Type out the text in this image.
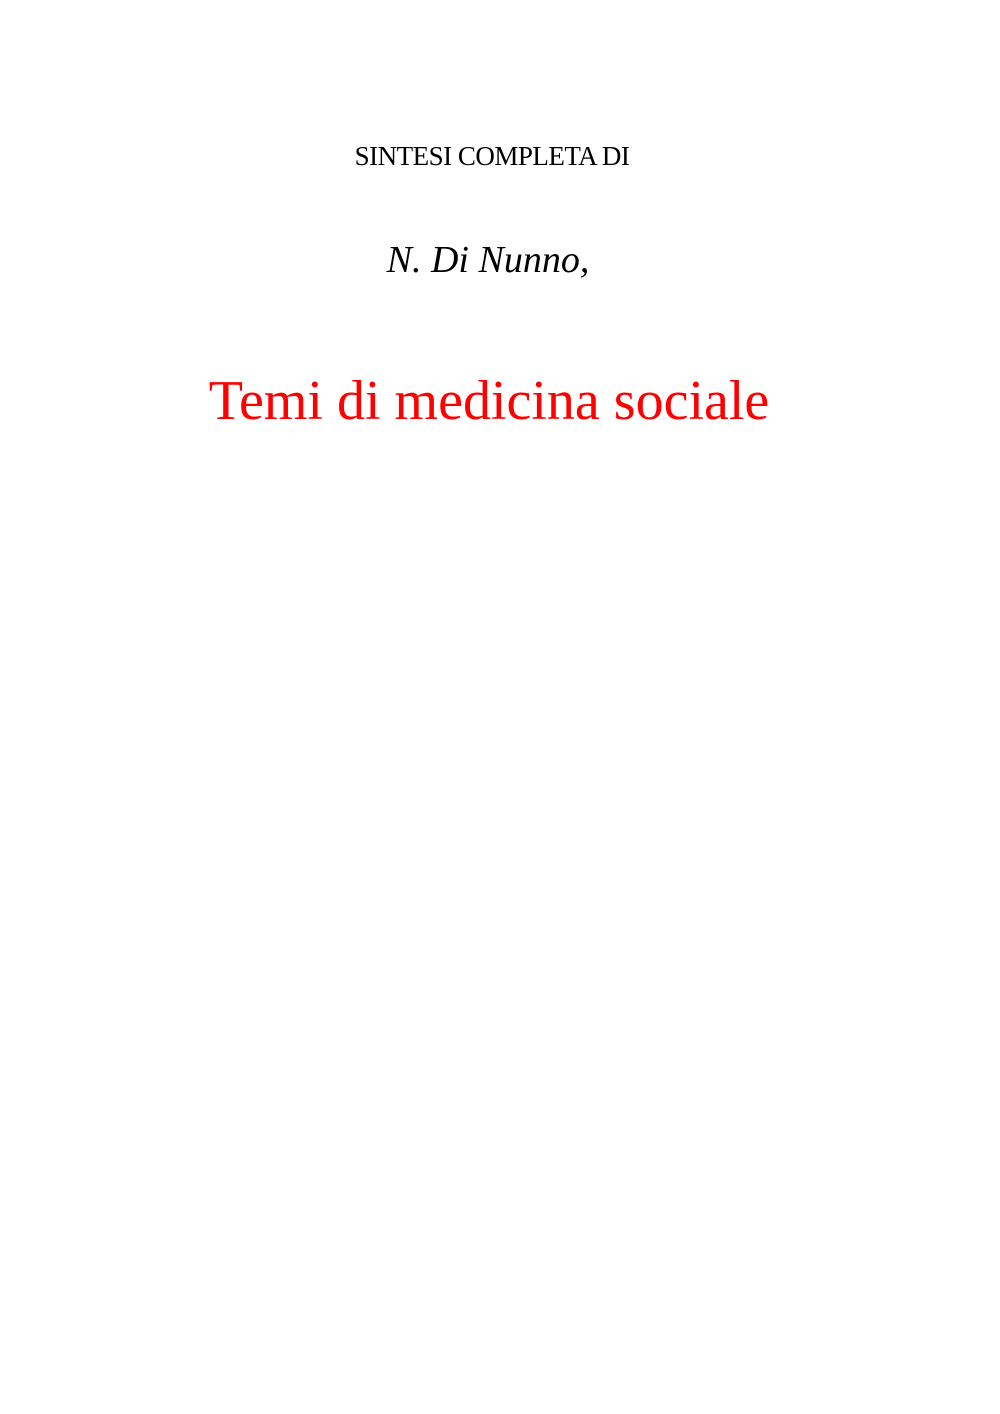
SINTESI COMPLETA DI
N. Di Nunno,
Temi di medicina sociale
